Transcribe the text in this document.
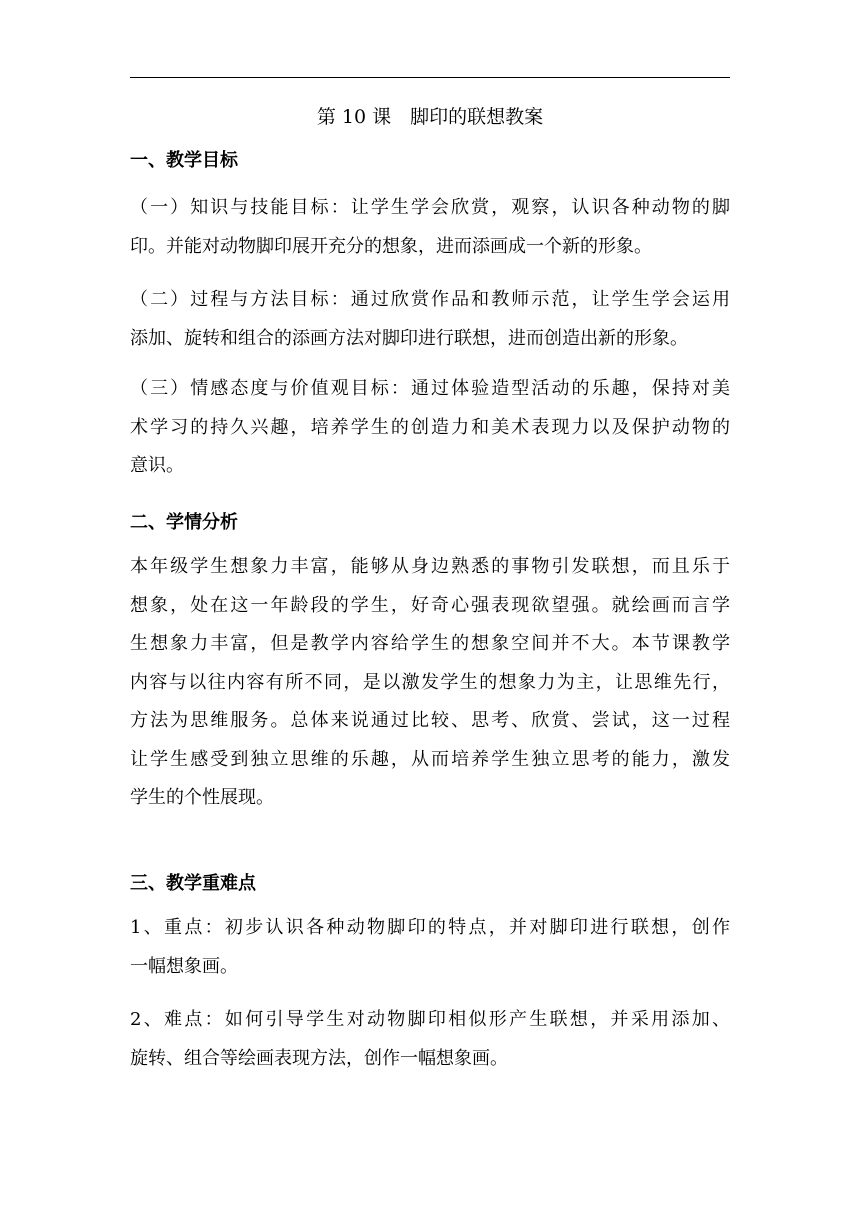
第 10 课　脚印的联想教案
一、教学目标
（一）知识与技能目标：让学生学会欣赏，观察，认识各种动物的脚
印。并能对动物脚印展开充分的想象，进而添画成一个新的形象。
（二）过程与方法目标：通过欣赏作品和教师示范，让学生学会运用
添加、旋转和组合的添画方法对脚印进行联想，进而创造出新的形象。
（三）情感态度与价值观目标：通过体验造型活动的乐趣，保持对美
术学习的持久兴趣，培养学生的创造力和美术表现力以及保护动物的
意识。
二、学情分析
本年级学生想象力丰富，能够从身边熟悉的事物引发联想，而且乐于
想象，处在这一年龄段的学生，好奇心强表现欲望强。就绘画而言学
生想象力丰富，但是教学内容给学生的想象空间并不大。本节课教学
内容与以往内容有所不同，是以激发学生的想象力为主，让思维先行，
方法为思维服务。总体来说通过比较、思考、欣赏、尝试，这一过程
让学生感受到独立思维的乐趣，从而培养学生独立思考的能力，激发
学生的个性展现。
三、教学重难点
1、重点：初步认识各种动物脚印的特点，并对脚印进行联想，创作
一幅想象画。
2、难点：如何引导学生对动物脚印相似形产生联想，并采用添加、
旋转、组合等绘画表现方法，创作一幅想象画。
